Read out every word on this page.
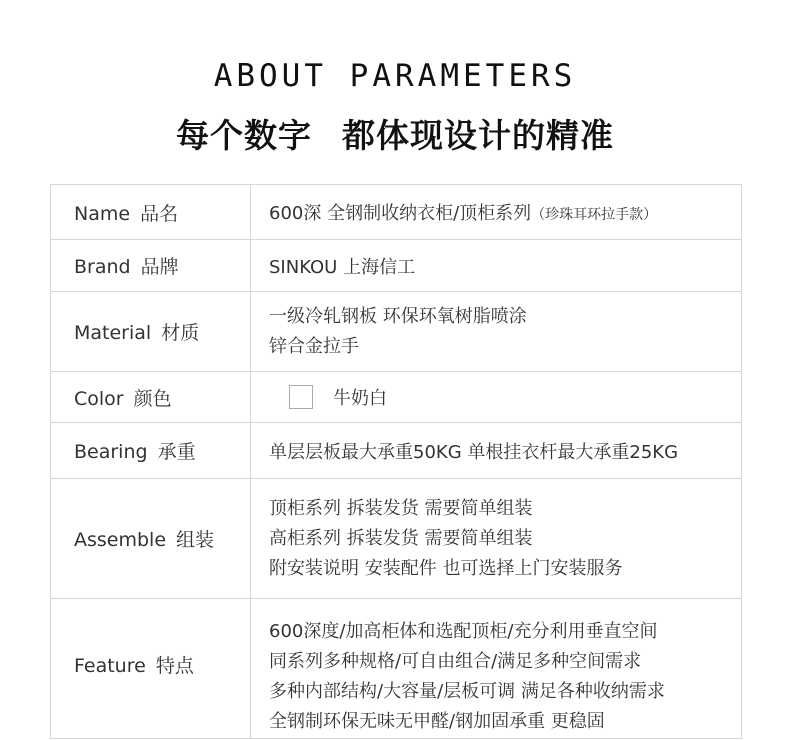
ABOUT PARAMETERS
每个数字 都体现设计的精准
Name 品名	600深 全钢制收纳衣柜/顶柜系列（珍珠耳环拉手款）
Brand 品牌	SINKOU 上海信工
Material 材质	一级冷轧钢板 环保环氧树脂喷涂
锌合金拉手

Color 颜色	牛奶白
Bearing 承重	单层层板最大承重50KG 单根挂衣杆最大承重25KG
Assemble 组装	顶柜系列 拆装发货 需要简单组装
高柜系列 拆装发货 需要简单组装
附安装说明 安装配件 也可选择上门安装服务

Feature 特点	600深度/加高柜体和选配顶柜/充分利用垂直空间
同系列多种规格/可自由组合/满足多种空间需求
多种内部结构/大容量/层板可调 满足各种收纳需求
全钢制环保无味无甲醛/钢加固承重 更稳固
